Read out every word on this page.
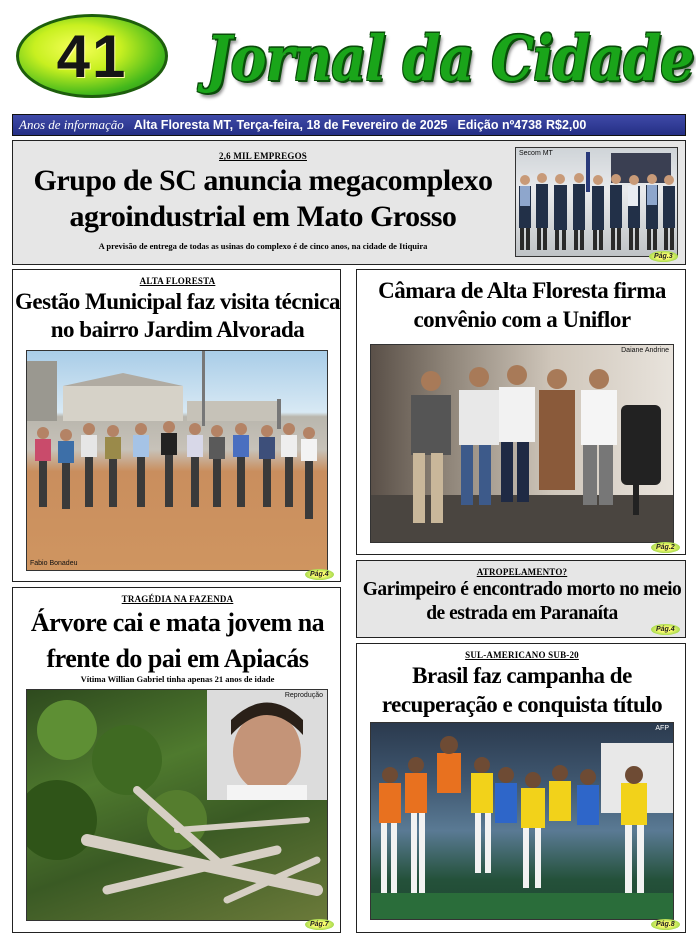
41 Jornal da Cidade
Anos de informação Alta Floresta MT, Terça-feira, 18 de Fevereiro de 2025 Edição nº4738 R$2,00
2,6 MIL EMPREGOS
Grupo de SC anuncia megacomplexo agroindustrial em Mato Grosso
A previsão de entrega de todas as usinas do complexo é de cinco anos, na cidade de Itiquira
Secom MT
Pág.3
ALTA FLORESTA
Gestão Municipal faz visita técnica no bairro Jardim Alvorada
Fabio Bonadeu
Pág.4
Câmara de Alta Floresta firma convênio com a Uniflor
Daiane Andrine
Pág.2
TRAGÉDIA NA FAZENDA
Árvore cai e mata jovem na frente do pai em Apiacás
Vítima Willian Gabriel tinha apenas 21 anos de idade
Reprodução
Pág.7
ATROPELAMENTO?
Garimpeiro é encontrado morto no meio de estrada em Paranaíta
Pág.4
SUL-AMERICANO SUB-20
Brasil faz campanha de recuperação e conquista título
AFP
Pág.8
